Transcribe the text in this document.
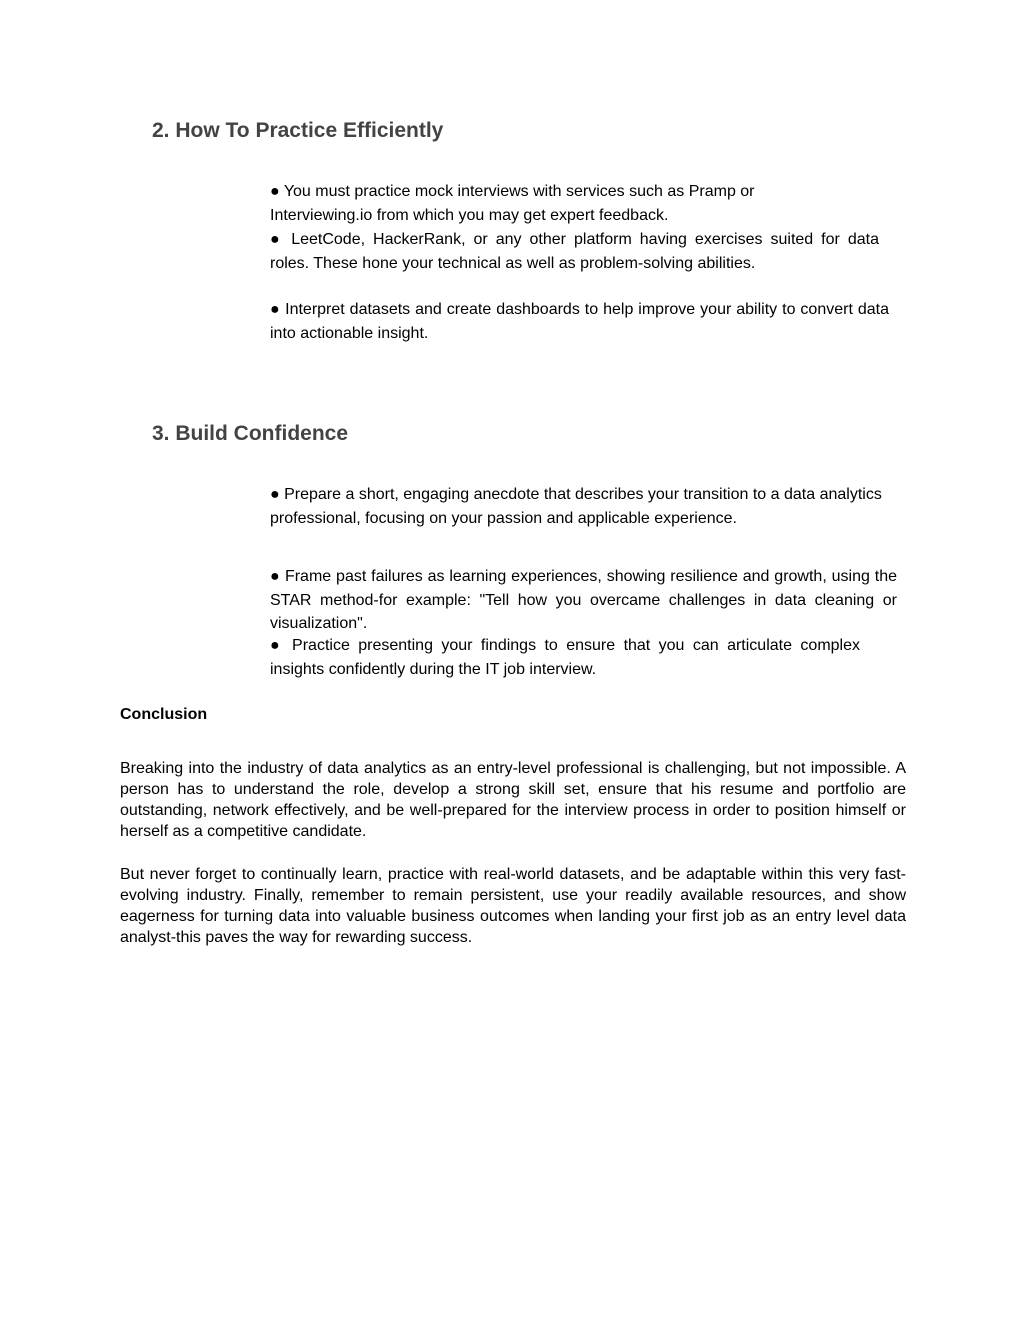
2. How To Practice Efficiently

● You must practice mock interviews with services such as Pramp or Interviewing.io from which you may get expert feedback.

● LeetCode, HackerRank, or any other platform having exercises suited for data roles. These hone your technical as well as problem-solving abilities.

● Interpret datasets and create dashboards to help improve your ability to convert data into actionable insight.

3. Build Confidence

● Prepare a short, engaging anecdote that describes your transition to a data analytics professional, focusing on your passion and applicable experience.

● Frame past failures as learning experiences, showing resilience and growth, using the STAR method-for example: "Tell how you overcame challenges in data cleaning or visualization".

● Practice presenting your findings to ensure that you can articulate complex insights confidently during the IT job interview.

Conclusion

Breaking into the industry of data analytics as an entry-level professional is challenging, but not impossible. A person has to understand the role, develop a strong skill set, ensure that his resume and portfolio are outstanding, network effectively, and be well-prepared for the interview process in order to position himself or herself as a competitive candidate.

But never forget to continually learn, practice with real-world datasets, and be adaptable within this very fast-evolving industry. Finally, remember to remain persistent, use your readily available resources, and show eagerness for turning data into valuable business outcomes when landing your first job as an entry level data analyst-this paves the way for rewarding success.
